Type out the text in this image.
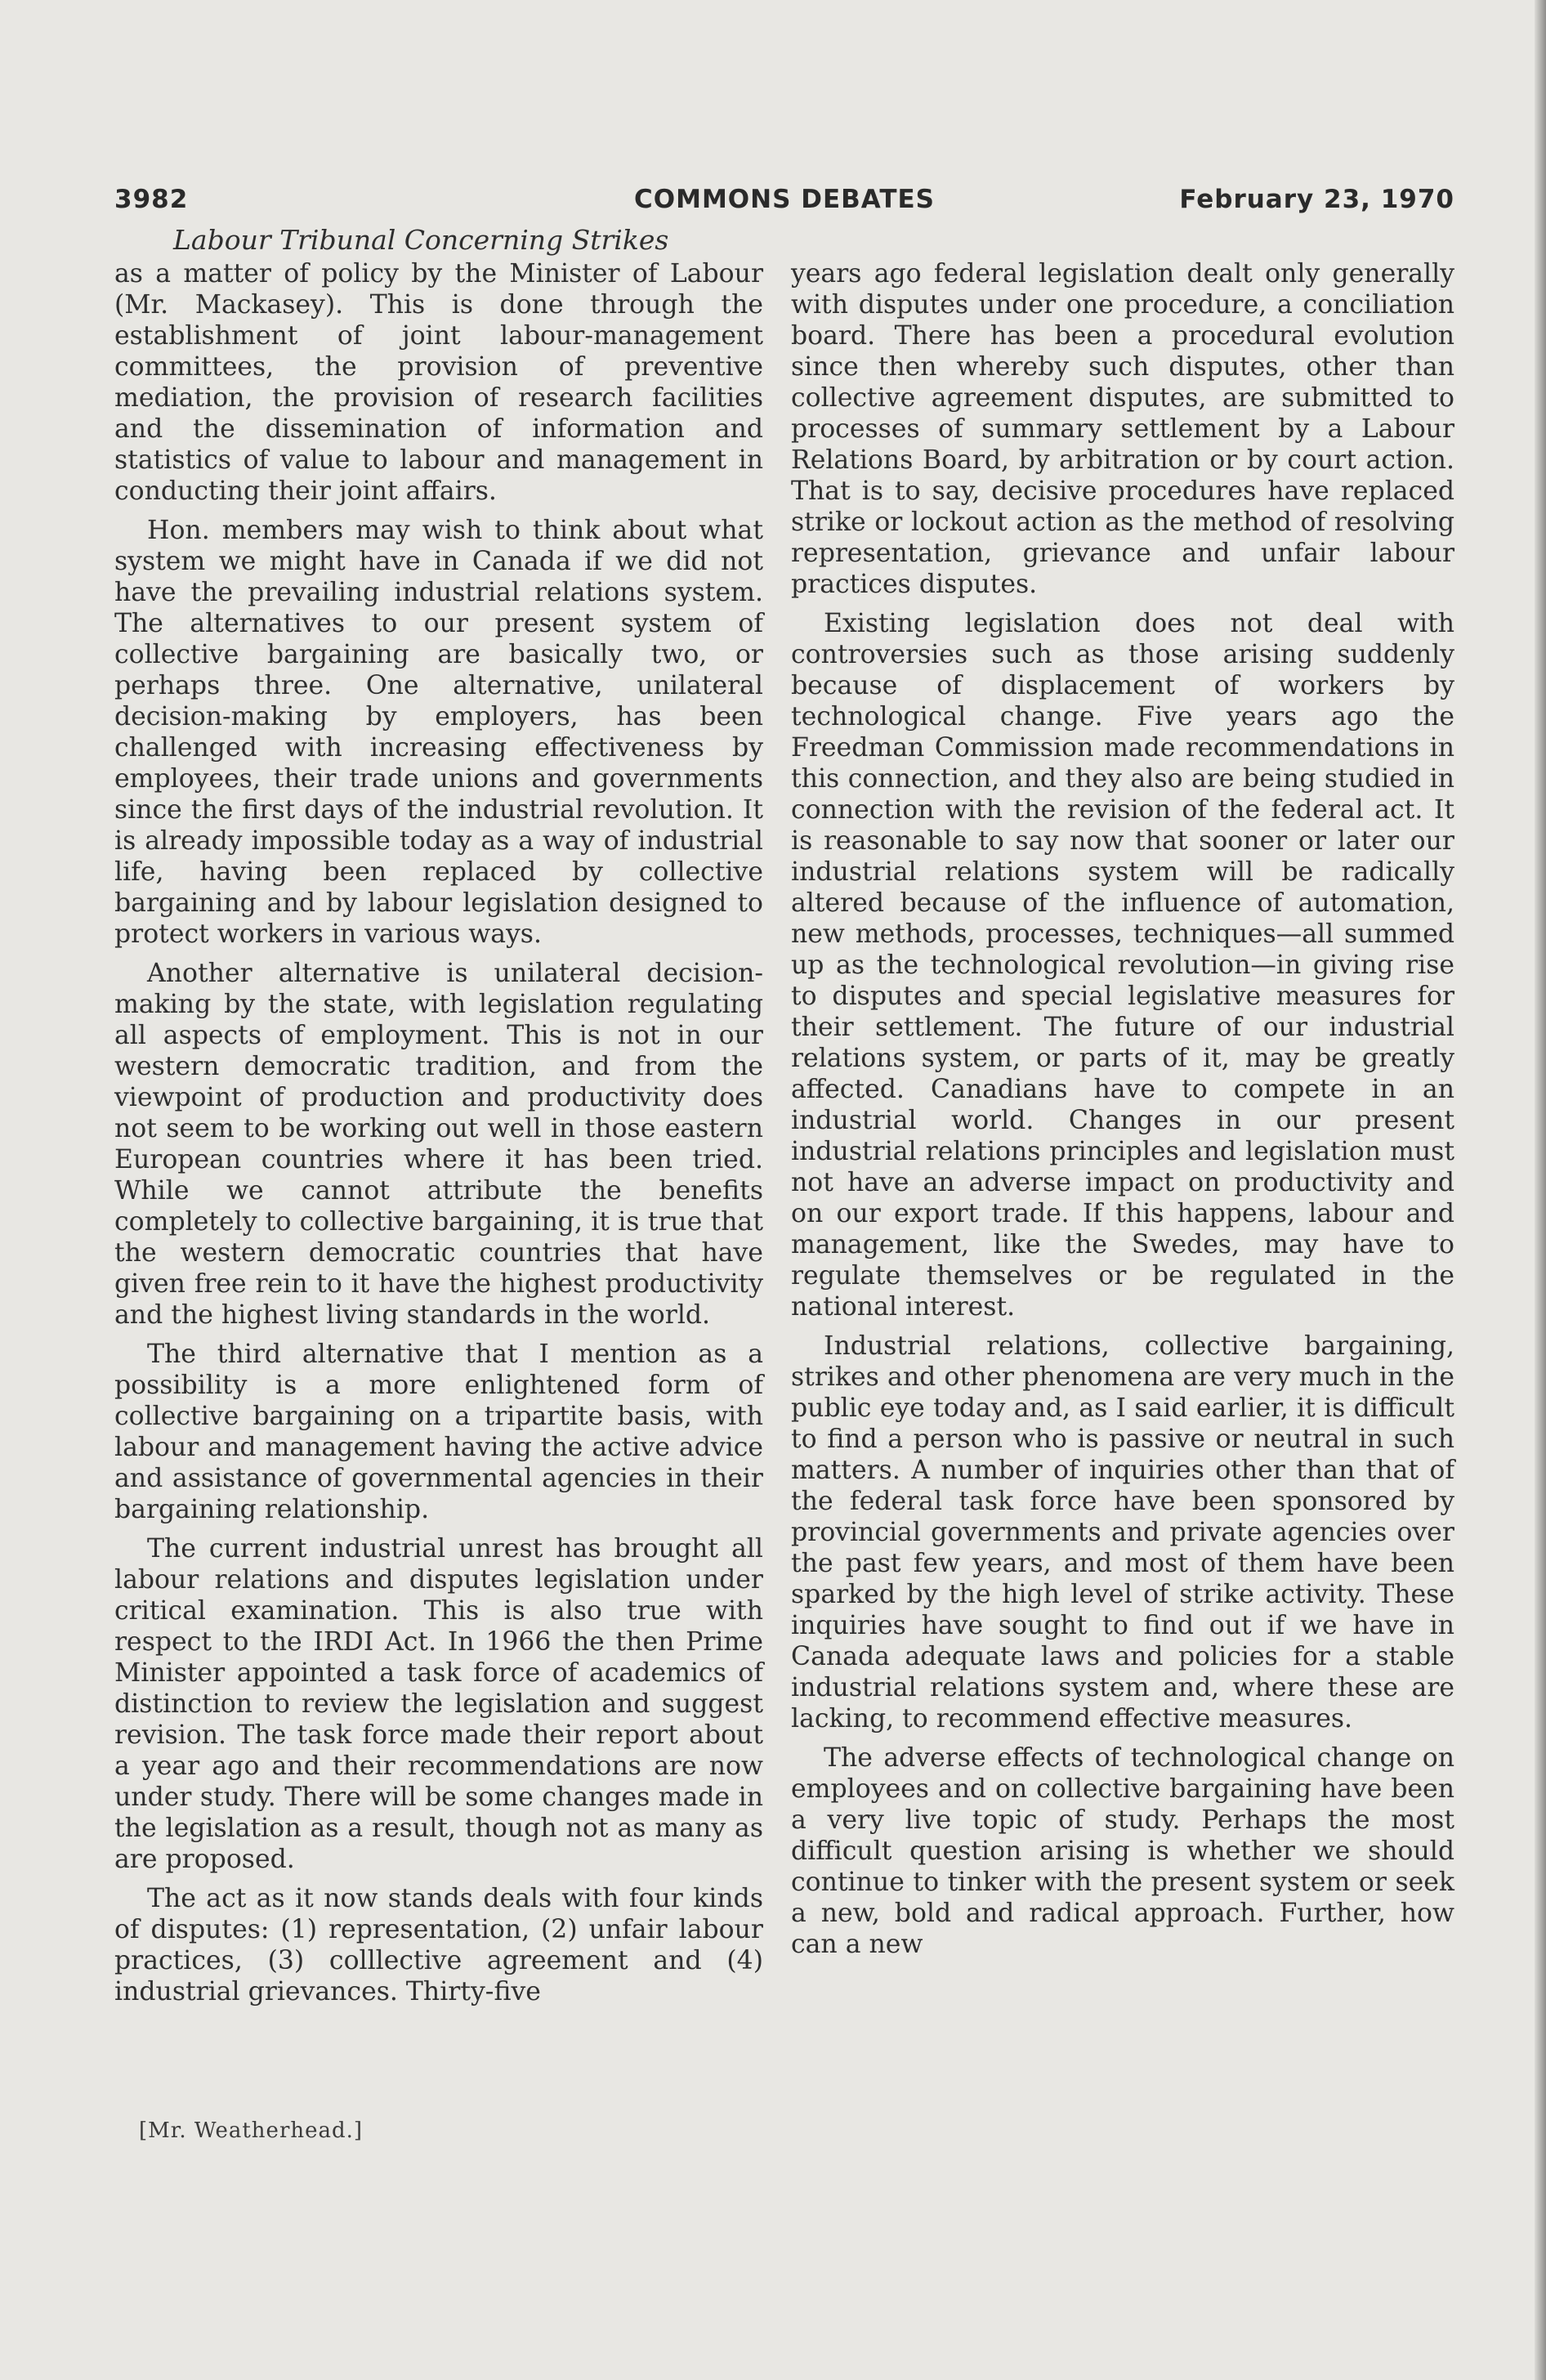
3982	COMMONS DEBATES	February 23, 1970
Labour Tribunal Concerning Strikes

as a matter of policy by the Minister of Labour (Mr. Mackasey). This is done through the establishment of joint labour-management committees, the provision of preventive mediation, the provision of research facilities and the dissemination of information and statistics of value to labour and management in conducting their joint affairs.

Hon. members may wish to think about what system we might have in Canada if we did not have the prevailing industrial relations system. The alternatives to our present system of collective bargaining are basically two, or perhaps three. One alternative, unilateral decision-making by employers, has been challenged with increasing effectiveness by employees, their trade unions and governments since the first days of the industrial revolution. It is already impossible today as a way of industrial life, having been replaced by collective bargaining and by labour legislation designed to protect workers in various ways.

Another alternative is unilateral decision-making by the state, with legislation regulating all aspects of employment. This is not in our western democratic tradition, and from the viewpoint of production and productivity does not seem to be working out well in those eastern European countries where it has been tried. While we cannot attribute the benefits completely to collective bargaining, it is true that the western democratic countries that have given free rein to it have the highest productivity and the highest living standards in the world.

The third alternative that I mention as a possibility is a more enlightened form of collective bargaining on a tripartite basis, with labour and management having the active advice and assistance of governmental agencies in their bargaining relationship.

The current industrial unrest has brought all labour relations and disputes legislation under critical examination. This is also true with respect to the IRDI Act. In 1966 the then Prime Minister appointed a task force of academics of distinction to review the legislation and suggest revision. The task force made their report about a year ago and their recommendations are now under study. There will be some changes made in the legislation as a result, though not as many as are proposed.

The act as it now stands deals with four kinds of disputes: (1) representation, (2) unfair labour practices, (3) colllective agreement and (4) industrial grievances. Thirty-five

years ago federal legislation dealt only generally with disputes under one procedure, a conciliation board. There has been a procedural evolution since then whereby such disputes, other than collective agreement disputes, are submitted to processes of summary settlement by a Labour Relations Board, by arbitration or by court action. That is to say, decisive procedures have replaced strike or lockout action as the method of resolving representation, grievance and unfair labour practices disputes.

Existing legislation does not deal with controversies such as those arising suddenly because of displacement of workers by technological change. Five years ago the Freedman Commission made recommendations in this connection, and they also are being studied in connection with the revision of the federal act. It is reasonable to say now that sooner or later our industrial relations system will be radically altered because of the influence of automation, new methods, processes, techniques—all summed up as the technological revolution—in giving rise to disputes and special legislative measures for their settlement. The future of our industrial relations system, or parts of it, may be greatly affected. Canadians have to compete in an industrial world. Changes in our present industrial relations principles and legislation must not have an adverse impact on productivity and on our export trade. If this happens, labour and management, like the Swedes, may have to regulate themselves or be regulated in the national interest.

Industrial relations, collective bargaining, strikes and other phenomena are very much in the public eye today and, as I said earlier, it is difficult to find a person who is passive or neutral in such matters. A number of inquiries other than that of the federal task force have been sponsored by provincial governments and private agencies over the past few years, and most of them have been sparked by the high level of strike activity. These inquiries have sought to find out if we have in Canada adequate laws and policies for a stable industrial relations system and, where these are lacking, to recommend effective measures.

The adverse effects of technological change on employees and on collective bargaining have been a very live topic of study. Perhaps the most difficult question arising is whether we should continue to tinker with the present system or seek a new, bold and radical approach. Further, how can a new

[Mr. Weatherhead.]
